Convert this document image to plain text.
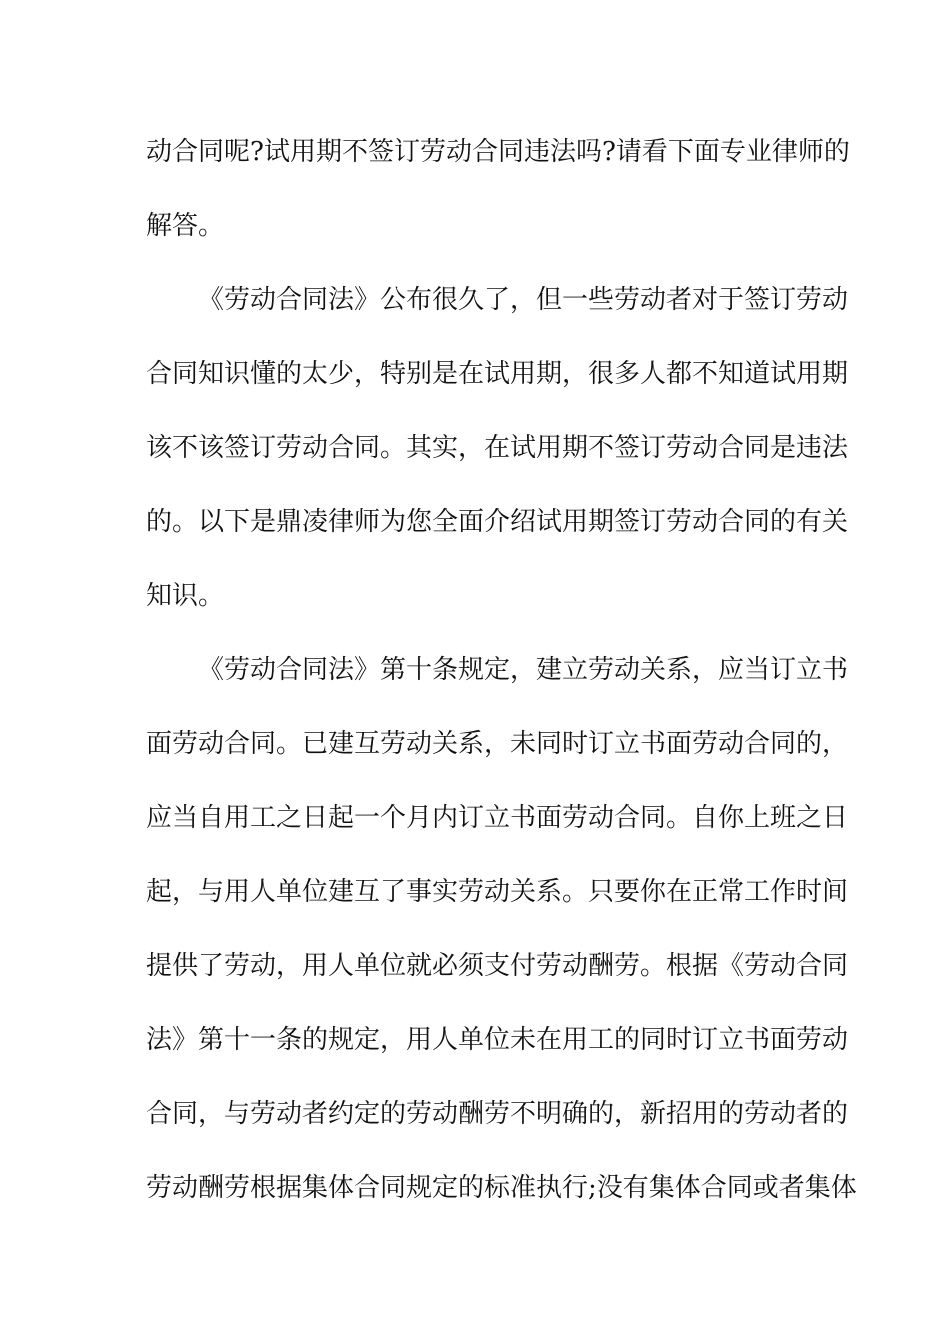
动合同呢?试用期不签订劳动合同违法吗?请看下面专业律师的
解答。
《劳动合同法》公布很久了，但一些劳动者对于签订劳动
合同知识懂的太少，特别是在试用期，很多人都不知道试用期
该不该签订劳动合同。其实，在试用期不签订劳动合同是违法
的。以下是鼎凌律师为您全面介绍试用期签订劳动合同的有关
知识。
《劳动合同法》第十条规定，建立劳动关系，应当订立书
面劳动合同。已建互劳动关系，未同时订立书面劳动合同的，
应当自用工之日起一个月内订立书面劳动合同。自你上班之日
起，与用人单位建互了事实劳动关系。只要你在正常工作时间
提供了劳动，用人单位就必须支付劳动酬劳。根据《劳动合同
法》第十一条的规定，用人单位未在用工的同时订立书面劳动
合同，与劳动者约定的劳动酬劳不明确的，新招用的劳动者的
劳动酬劳根据集体合同规定的标准执行;没有集体合同或者集体
